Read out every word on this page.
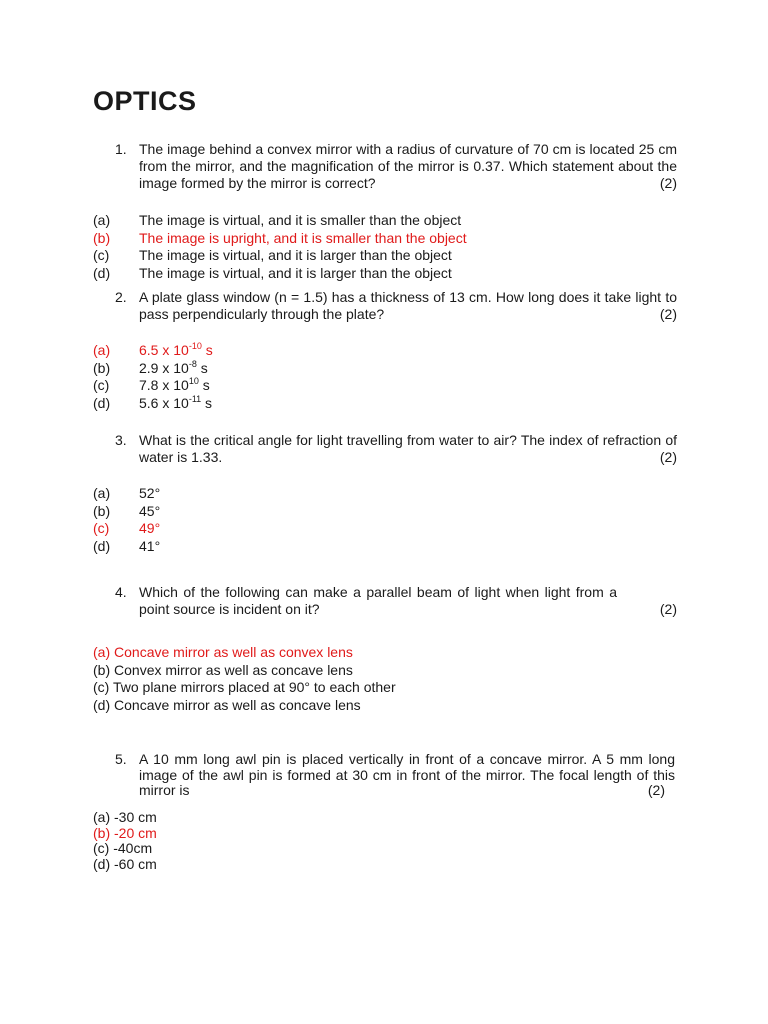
OPTICS
1. The image behind a convex mirror with a radius of curvature of 70 cm is located 25 cm from the mirror, and the magnification of the mirror is 0.37. Which statement about the image formed by the mirror is correct?	(2)
(a) The image is virtual, and it is smaller than the object
(b) The image is upright, and it is smaller than the object
(c) The image is virtual, and it is larger than the object
(d) The image is virtual, and it is larger than the object
2. A plate glass window (n = 1.5) has a thickness of 13 cm. How long does it take light to pass perpendicularly through the plate?	(2)
(a) 6.5 x $10^{-10}$ s
(b) 2.9 x $10^{-8}$ s
(c) 7.8 x $10^{10}$ s
(d) 5.6 x $10^{-11}$ s
3. What is the critical angle for light travelling from water to air? The index of refraction of water is 1.33.	(2)
(a) 52°
(b) 45°
(c) 49°
(d) 41°
4. Which of the following can make a parallel beam of light when light from a point source is incident on it?	(2)
(a) Concave mirror as well as convex lens
(b) Convex mirror as well as concave lens
(c) Two plane mirrors placed at 90° to each other
(d) Concave mirror as well as concave lens
5. A 10 mm long awl pin is placed vertically in front of a concave mirror. A 5 mm long image of the awl pin is formed at 30 cm in front of the mirror. The focal length of this mirror is	(2)
(a) -30 cm
(b) -20 cm
(c) -40cm
(d) -60 cm
